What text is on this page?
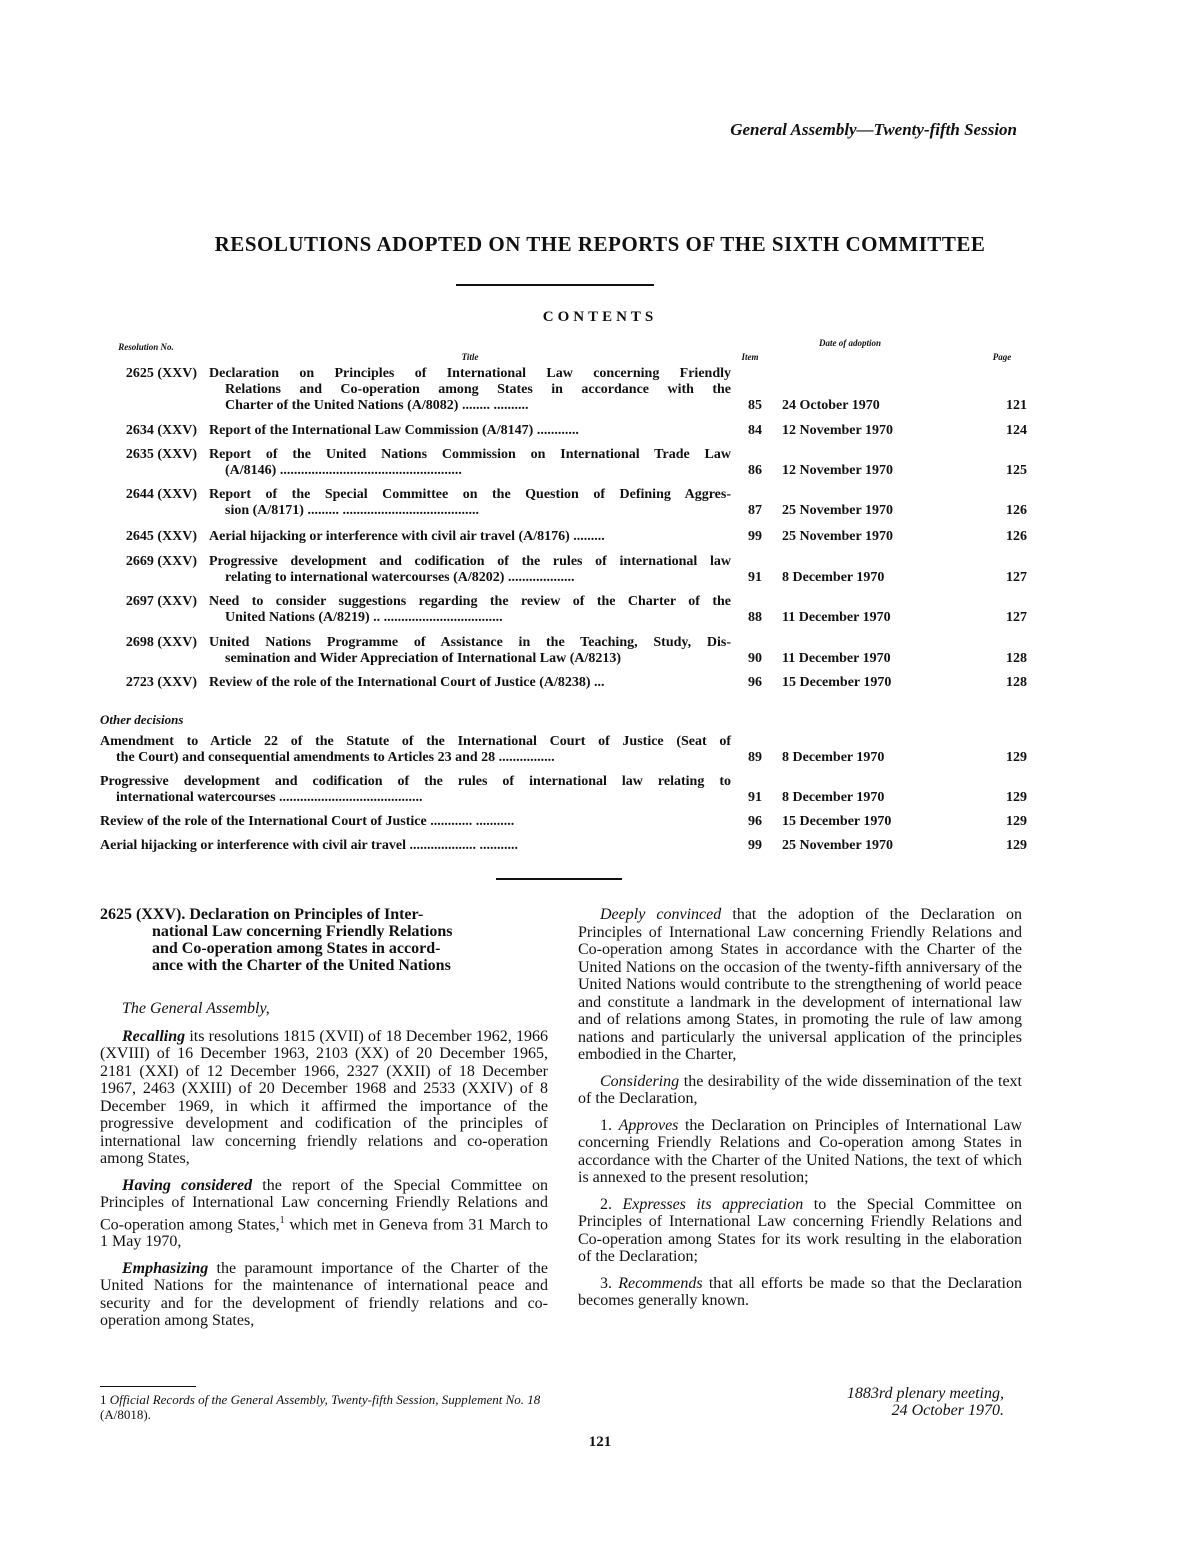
General Assembly—Twenty-fifth Session
RESOLUTIONS ADOPTED ON THE REPORTS OF THE SIXTH COMMITTEE
CONTENTS
Resolution No.
Title	Item
Date of adoption
Page
2625 (XXV) Declaration on Principles of International Law concerning Friendly
Relations and Co-operation among States in accordance with the
Charter of the United Nations (A/8082) ........ ..........	85	24 October 1970	121
2634 (XXV) Report of the International Law Commission (A/8147) ............	84	12 November 1970	124
2635 (XXV) Report of the United Nations Commission on International Trade Law
(A/8146) ....................................................	86	12 November 1970	125
2644 (XXV) Report of the Special Committee on the Question of Defining Aggres-
sion (A/8171) ......... .......................................	87	25 November 1970	126
2645 (XXV) Aerial hijacking or interference with civil air travel (A/8176) .........	99	25 November 1970	126
2669 (XXV) Progressive development and codification of the rules of international law
relating to international watercourses (A/8202) ...................	91	8 December 1970	127
2697 (XXV) Need to consider suggestions regarding the review of the Charter of the
United Nations (A/8219) .. ..................................	88	11 December 1970	127
2698 (XXV) United Nations Programme of Assistance in the Teaching, Study, Dis-
semination and Wider Appreciation of International Law (A/8213)	90	11 December 1970	128
2723 (XXV) Review of the role of the International Court of Justice (A/8238) ...	96	15 December 1970	128
Other decisions
Amendment to Article 22 of the Statute of the International Court of Justice (Seat of
the Court) and consequential amendments to Articles 23 and 28 ................	89	8 December 1970	129
Progressive development and codification of the rules of international law relating to
international watercourses .........................................	91	8 December 1970	129
Review of the role of the International Court of Justice ............ ...........	96	15 December 1970	129
Aerial hijacking or interference with civil air travel ................... ...........	99	25 November 1970	129
2625 (XXV). Declaration on Principles of Inter-
national Law concerning Friendly Relations
and Co-operation among States in accord-
ance with the Charter of the United Nations

The General Assembly,

Recalling its resolutions 1815 (XVII) of 18 December 1962, 1966 (XVIII) of 16 December 1963, 2103 (XX) of 20 December 1965, 2181 (XXI) of 12 December 1966, 2327 (XXII) of 18 December 1967, 2463 (XXIII) of 20 December 1968 and 2533 (XXIV) of 8 December 1969, in which it affirmed the importance of the progressive development and codification of the principles of international law concerning friendly relations and co-operation among States,

Having considered the report of the Special Committee on Principles of International Law concerning Friendly Relations and Co-operation among States,$^1$ which met in Geneva from 31 March to 1 May 1970,

Emphasizing the paramount importance of the Charter of the United Nations for the maintenance of international peace and security and for the development of friendly relations and co-operation among States,

1 Official Records of the General Assembly, Twenty-fifth Session, Supplement No. 18 (A/8018).

Deeply convinced that the adoption of the Declaration on Principles of International Law concerning Friendly Relations and Co-operation among States in accordance with the Charter of the United Nations on the occasion of the twenty-fifth anniversary of the United Nations would contribute to the strengthening of world peace and constitute a landmark in the development of international law and of relations among States, in promoting the rule of law among nations and particularly the universal application of the principles embodied in the Charter,

Considering the desirability of the wide dissemination of the text of the Declaration,

1. Approves the Declaration on Principles of International Law concerning Friendly Relations and Co-operation among States in accordance with the Charter of the United Nations, the text of which is annexed to the present resolution;

2. Expresses its appreciation to the Special Committee on Principles of International Law concerning Friendly Relations and Co-operation among States for its work resulting in the elaboration of the Declaration;

3. Recommends that all efforts be made so that the Declaration becomes generally known.

1883rd plenary meeting,
24 October 1970.
121
